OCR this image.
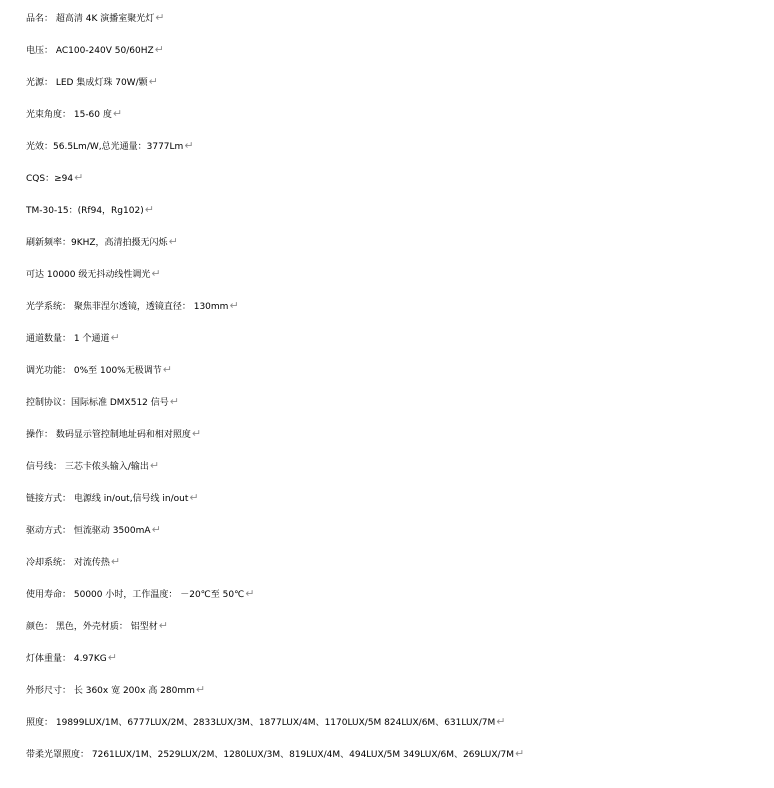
品名： 超高清 4K 演播室聚光灯↵
电压： AC100-240V 50/60HZ↵
光源： LED 集成灯珠 70W/颗↵
光束角度： 15-60 度↵
光效：56.5Lm/W,总光通量：3777Lm↵
CQS：≥94↵
TM-30-15：(Rf94，Rg102)↵
刷新频率：9KHZ，高清拍摄无闪烁↵
可达 10000 级无抖动线性调光↵
光学系统： 聚焦菲涅尔透镜，透镜直径： 130mm↵
通道数量： 1 个通道↵
调光功能： 0%至 100%无极调节↵
控制协议：国际标准 DMX512 信号↵
操作： 数码显示管控制地址码和相对照度↵
信号线： 三芯卡侬头输入/输出↵
链接方式： 电源线 in/out,信号线 in/out↵
驱动方式： 恒流驱动 3500mA↵
冷却系统： 对流传热↵
使用寿命： 50000 小时，工作温度： －20℃至 50℃↵
颜色： 黑色，外壳材质： 铝型材↵
灯体重量： 4.97KG↵
外形尺寸： 长 360x 宽 200x 高 280mm↵
照度： 19899LUX/1M、6777LUX/2M、2833LUX/3M、1877LUX/4M、1170LUX/5M 824LUX/6M、631LUX/7M↵
带柔光罩照度： 7261LUX/1M、2529LUX/2M、1280LUX/3M、819LUX/4M、494LUX/5M 349LUX/6M、269LUX/7M↵
